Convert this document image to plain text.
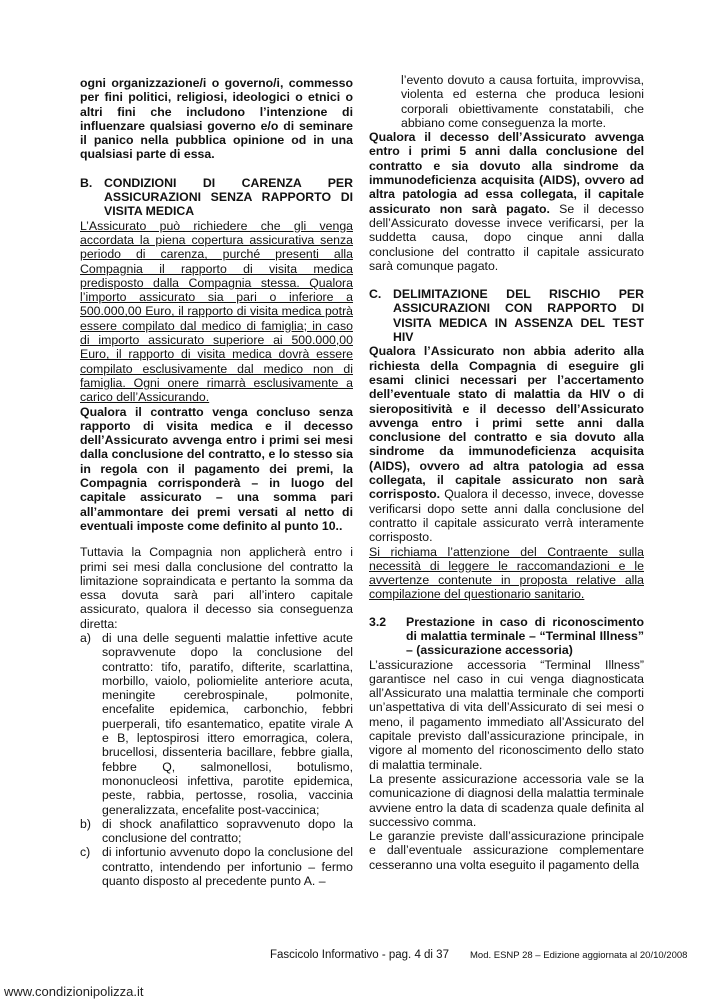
ogni organizzazione/i o governo/i, commesso per fini politici, religiosi, ideologici o etnici o altri fini che includono l’intenzione di influenzare qualsiasi governo e/o di seminare il panico nella pubblica opinione od in una qualsiasi parte di essa.

B. CONDIZIONI DI CARENZA PER ASSICURAZIONI SENZA RAPPORTO DI VISITA MEDICA

L’Assicurato può richiedere che gli venga accordata la piena copertura assicurativa senza periodo di carenza, purché presenti alla Compagnia il rapporto di visita medica predisposto dalla Compagnia stessa. Qualora l’importo assicurato sia pari o inferiore a 500.000,00 Euro, il rapporto di visita medica potrà essere compilato dal medico di famiglia; in caso di importo assicurato superiore ai 500.000,00 Euro, il rapporto di visita medica dovrà essere compilato esclusivamente dal medico non di famiglia. Ogni onere rimarrà esclusivamente a carico dell’Assicurando.

Qualora il contratto venga concluso senza rapporto di visita medica e il decesso dell’Assicurato avvenga entro i primi sei mesi dalla conclusione del contratto, e lo stesso sia in regola con il pagamento dei premi, la Compagnia corrisponderà – in luogo del capitale assicurato – una somma pari all’ammontare dei premi versati al netto di eventuali imposte come definito al punto 10..

Tuttavia la Compagnia non applicherà entro i primi sei mesi dalla conclusione del contratto la limitazione sopraindicata e pertanto la somma da essa dovuta sarà pari all’intero capitale assicurato, qualora il decesso sia conseguenza diretta:

a) di una delle seguenti malattie infettive acute sopravvenute dopo la conclusione del contratto: tifo, paratifo, difterite, scarlattina, morbillo, vaiolo, poliomielite anteriore acuta, meningite cerebrospinale, polmonite, encefalite epidemica, carbonchio, febbri puerperali, tifo esantematico, epatite virale A e B, leptospirosi ittero emorragica, colera, brucellosi, dissenteria bacillare, febbre gialla, febbre Q, salmonellosi, botulismo, mononucleosi infettiva, parotite epidemica, peste, rabbia, pertosse, rosolia, vaccinia generalizzata, encefalite post-vaccinica;
b) di shock anafilattico sopravvenuto dopo la conclusione del contratto;
c) di infortunio avvenuto dopo la conclusione del contratto, intendendo per infortunio – fermo quanto disposto al precedente punto A. –

l’evento dovuto a causa fortuita, improvvisa, violenta ed esterna che produca lesioni corporali obiettivamente constatabili, che abbiano come conseguenza la morte.

Qualora il decesso dell’Assicurato avvenga entro i primi 5 anni dalla conclusione del contratto e sia dovuto alla sindrome da immunodeficienza acquisita (AIDS), ovvero ad altra patologia ad essa collegata, il capitale assicurato non sarà pagato. Se il decesso dell’Assicurato dovesse invece verificarsi, per la suddetta causa, dopo cinque anni dalla conclusione del contratto il capitale assicurato sarà comunque pagato.

C. DELIMITAZIONE DEL RISCHIO PER ASSICURAZIONI CON RAPPORTO DI VISITA MEDICA IN ASSENZA DEL TEST HIV

Qualora l’Assicurato non abbia aderito alla richiesta della Compagnia di eseguire gli esami clinici necessari per l’accertamento dell’eventuale stato di malattia da HIV o di sieropositività e il decesso dell’Assicurato avvenga entro i primi sette anni dalla conclusione del contratto e sia dovuto alla sindrome da immunodeficienza acquisita (AIDS), ovvero ad altra patologia ad essa collegata, il capitale assicurato non sarà corrisposto. Qualora il decesso, invece, dovesse verificarsi dopo sette anni dalla conclusione del contratto il capitale assicurato verrà interamente corrisposto.

Si richiama l’attenzione del Contraente sulla necessità di leggere le raccomandazioni e le avvertenze contenute in proposta relative alla compilazione del questionario sanitario.

3.2	Prestazione in caso di riconoscimento di malattia terminale – “Terminal Illness” – (assicurazione accessoria)

L’assicurazione accessoria “Terminal Illness” garantisce nel caso in cui venga diagnosticata all’Assicurato una malattia terminale che comporti un’aspettativa di vita dell’Assicurato di sei mesi o meno, il pagamento immediato all’Assicurato del capitale previsto dall’assicurazione principale, in vigore al momento del riconoscimento dello stato di malattia terminale.

La presente assicurazione accessoria vale se la comunicazione di diagnosi della malattia terminale avviene entro la data di scadenza quale definita al successivo comma.

Le garanzie previste dall’assicurazione principale e dall’eventuale assicurazione complementare cesseranno una volta eseguito il pagamento della

Fascicolo Informativo - pag. 4 di 37 Mod. ESNP 28 – Edizione aggiornata al 20/10/2008
www.condizionipolizza.it
